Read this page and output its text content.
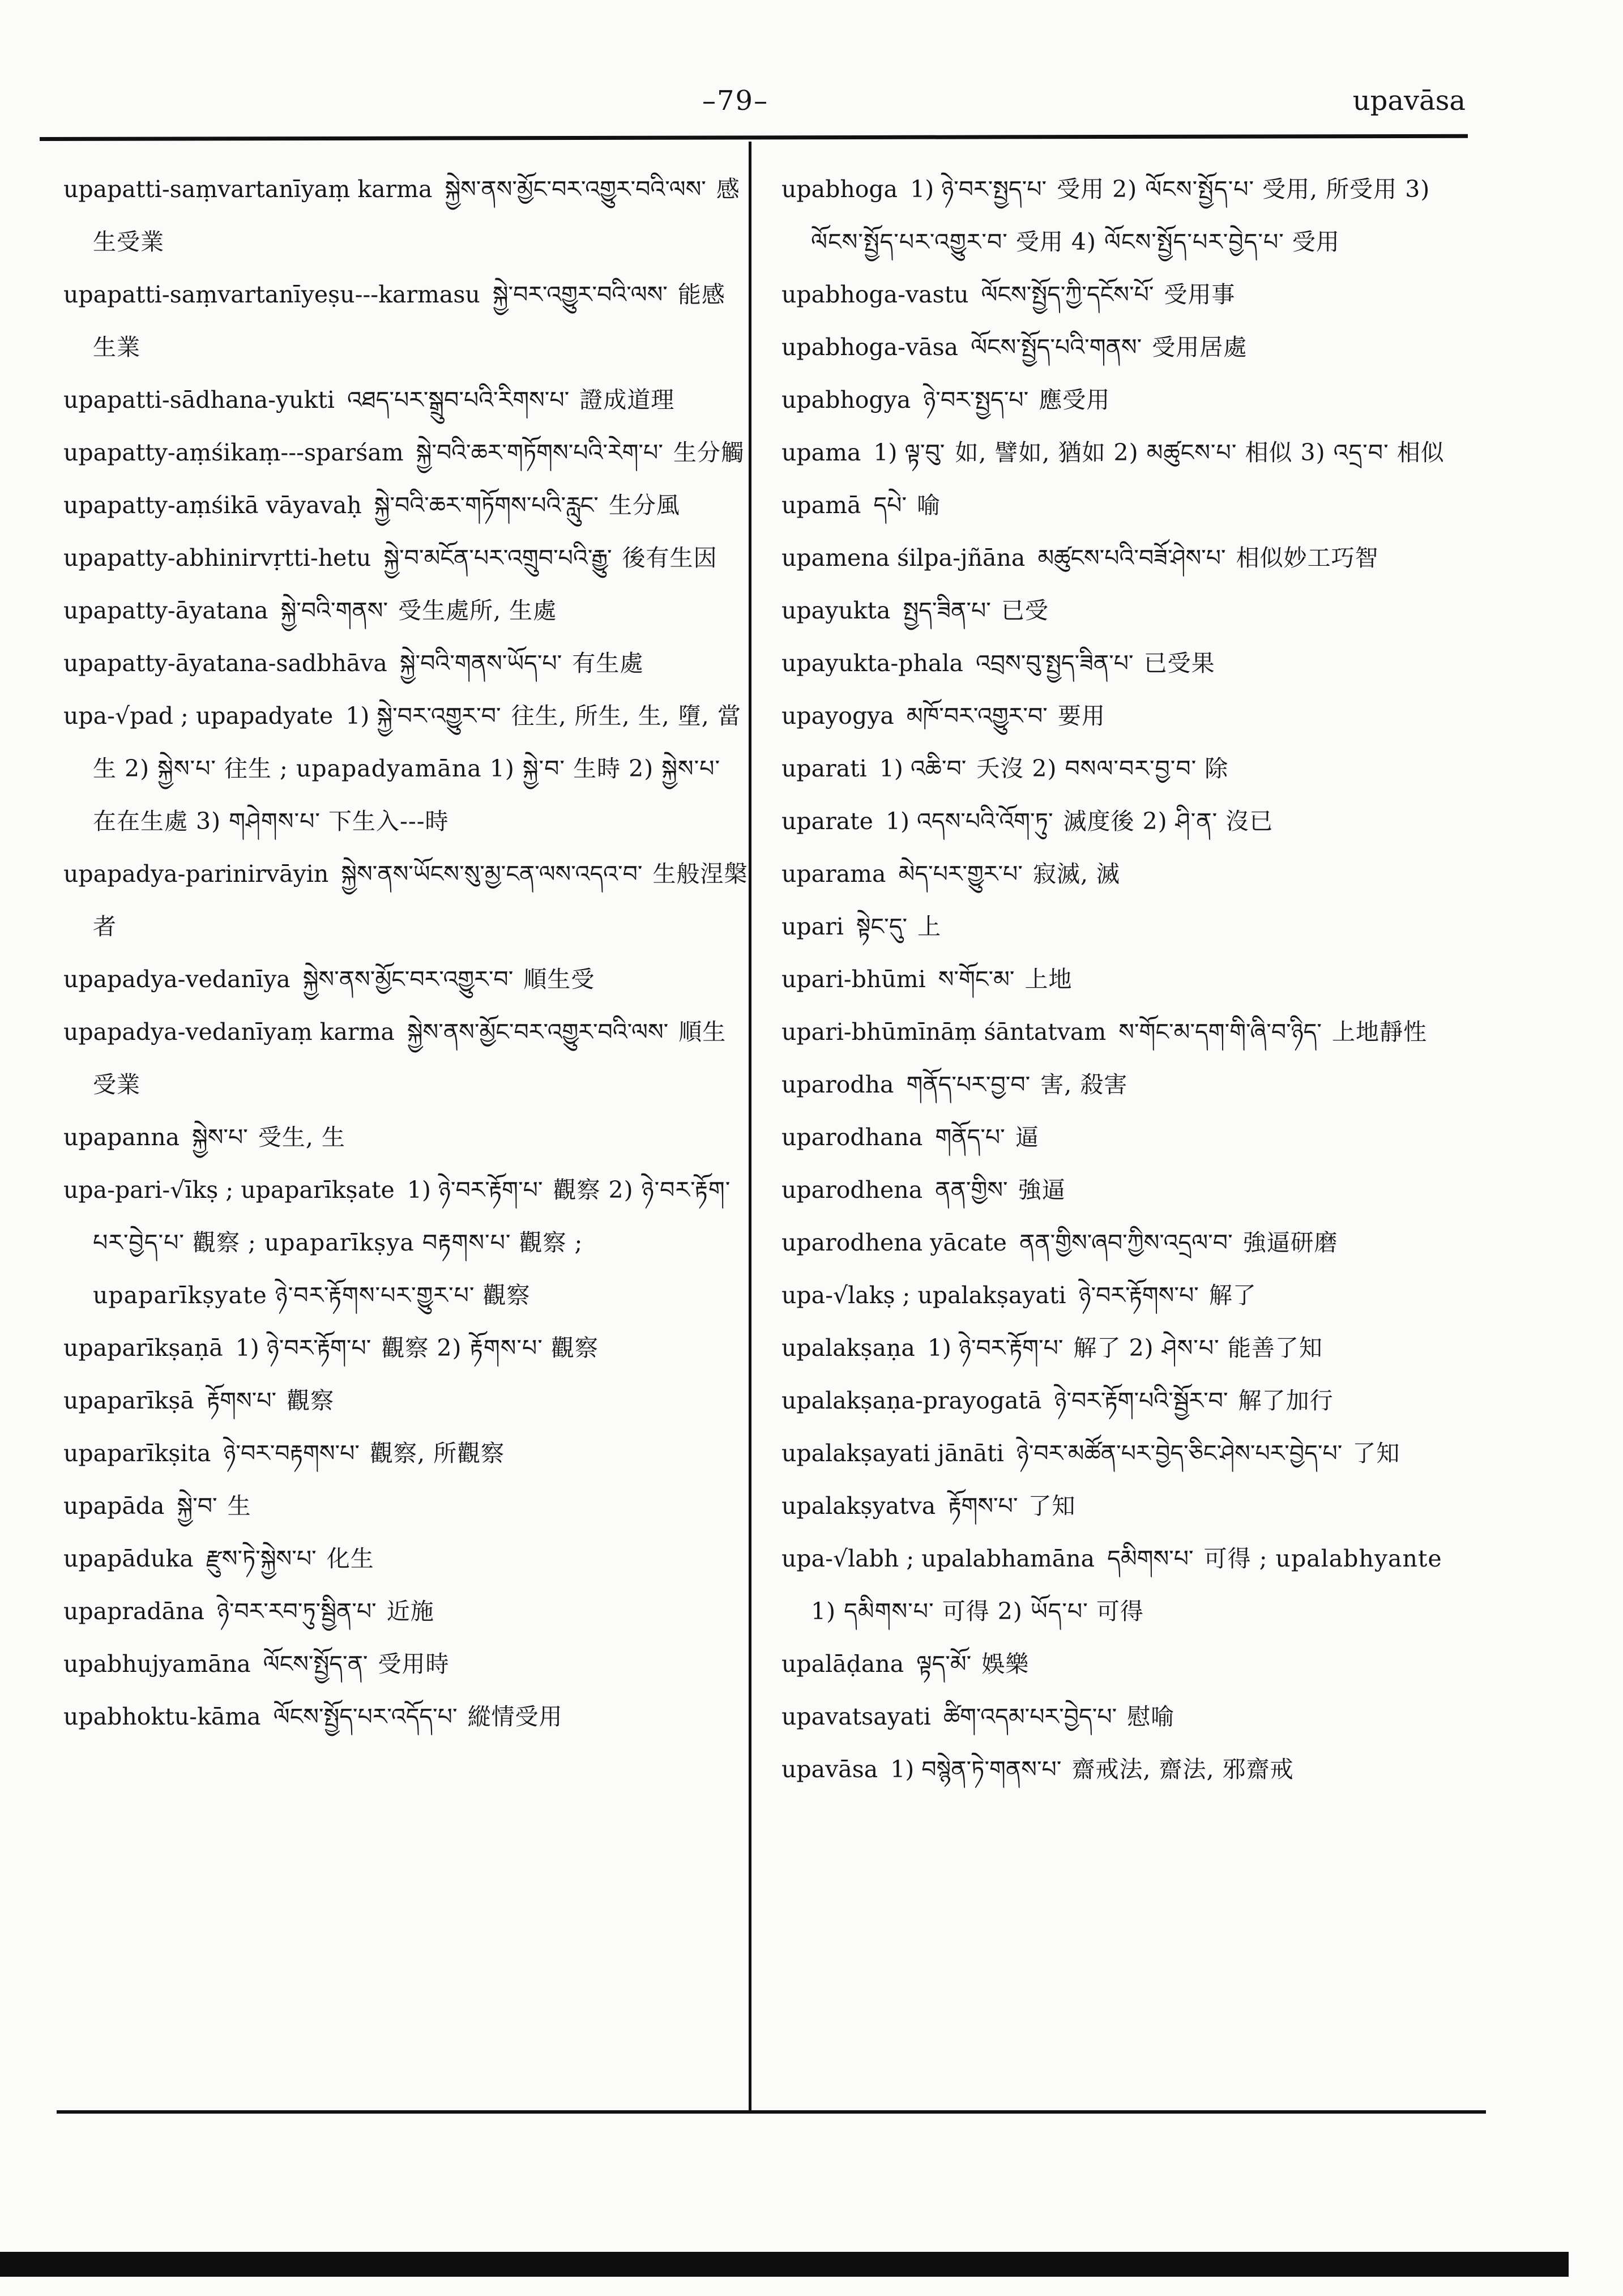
–79–	upavāsa
upapatti-saṃvartanīyaṃ karma སྐྱེས་ནས་མྱོང་བར་འགྱུར་བའི་ལས་ 感生受業
upapatti-saṃvartanīyeṣu---karmasu སྐྱེ་བར་འགྱུར་བའི་ལས་ 能感生業
upapatti-sādhana-yukti འཐད་པར་སྒྲུབ་པའི་རིགས་པ་ 證成道理
upapatty-aṃśikaṃ---sparśam སྐྱེ་བའི་ཆར་གཏོགས་པའི་རེག་པ་ 生分觸
upapatty-aṃśikā vāyavaḥ སྐྱེ་བའི་ཆར་གཏོགས་པའི་རླུང་ 生分風
upapatty-abhinirvṛtti-hetu སྐྱེ་བ་མངོན་པར་འགྲུབ་པའི་རྒྱུ་ 後有生因
upapatty-āyatana སྐྱེ་བའི་གནས་ 受生處所, 生處
upapatty-āyatana-sadbhāva སྐྱེ་བའི་གནས་ཡོད་པ་ 有生處
upa-√pad ; upapadyate 1) སྐྱེ་བར་འགྱུར་བ་ 往生, 所生, 生, 墮, 當生 2) སྐྱེས་པ་ 往生 ; upapadyamāna 1) སྐྱེ་བ་ 生時 2) སྐྱེས་པ་ 在在生處 3) གཤེགས་པ་ 下生入---時
upapadya-parinirvāyin སྐྱེས་ནས་ཡོངས་སུ་མྱ་ངན་ལས་འདའ་བ་ 生般涅槃者
upapadya-vedanīya སྐྱེས་ནས་མྱོང་བར་འགྱུར་བ་ 順生受
upapadya-vedanīyaṃ karma སྐྱེས་ནས་མྱོང་བར་འགྱུར་བའི་ལས་ 順生受業
upapanna སྐྱེས་པ་ 受生, 生
upa-pari-√īkṣ ; upaparīkṣate 1) ཉེ་བར་རྟོག་པ་ 觀察 2) ཉེ་བར་རྟོག་པར་བྱེད་པ་ 觀察 ; upaparīkṣya བརྟགས་པ་ 觀察 ; upaparīkṣyate ཉེ་བར་རྟོགས་པར་གྱུར་པ་ 觀察
upaparīkṣaṇā 1) ཉེ་བར་རྟོག་པ་ 觀察 2) རྟོགས་པ་ 觀察
upaparīkṣā རྟོགས་པ་ 觀察
upaparīkṣita ཉེ་བར་བརྟགས་པ་ 觀察, 所觀察
upapāda སྐྱེ་བ་ 生
upapāduka རྫུས་ཏེ་སྐྱེས་པ་ 化生
upapradāna ཉེ་བར་རབ་ཏུ་སྦྱིན་པ་ 近施
upabhujyamāna ལོངས་སྤྱོད་ན་ 受用時
upabhoktu-kāma ལོངས་སྤྱོད་པར་འདོད་པ་ 縱情受用
upabhoga 1) ཉེ་བར་སྤྱད་པ་ 受用 2) ལོངས་སྤྱོད་པ་ 受用, 所受用 3) ལོངས་སྤྱོད་པར་འགྱུར་བ་ 受用 4) ལོངས་སྤྱོད་པར་བྱེད་པ་ 受用
upabhoga-vastu ལོངས་སྤྱོད་ཀྱི་དངོས་པོ་ 受用事
upabhoga-vāsa ལོངས་སྤྱོད་པའི་གནས་ 受用居處
upabhogya ཉེ་བར་སྤྱད་པ་ 應受用
upama 1) ལྟ་བུ་ 如, 譬如, 猶如 2) མཚུངས་པ་ 相似 3) འདྲ་བ་ 相似
upamā དཔེ་ 喻
upamena śilpa-jñāna མཚུངས་པའི་བཟོ་ཤེས་པ་ 相似妙工巧智
upayukta སྤྱད་ཟིན་པ་ 已受
upayukta-phala འབྲས་བུ་སྤྱད་ཟིན་པ་ 已受果
upayogya མཁོ་བར་འགྱུར་བ་ 要用
uparati 1) འཆི་བ་ 夭沒 2) བསལ་བར་བྱ་བ་ 除
uparate 1) འདས་པའི་འོག་ཏུ་ 滅度後 2) ཤི་ན་ 沒已
uparama མེད་པར་གྱུར་པ་ 寂滅, 滅
upari སྟེང་དུ་ 上
upari-bhūmi ས་གོང་མ་ 上地
upari-bhūmīnāṃ śāntatvam ས་གོང་མ་དག་གི་ཞི་བ་ཉིད་ 上地靜性
uparodha གནོད་པར་བྱ་བ་ 害, 殺害
uparodhana གནོད་པ་ 逼
uparodhena ནན་གྱིས་ 強逼
uparodhena yācate ནན་གྱིས་ཞབ་ཀྱིས་འདྲལ་བ་ 強逼研磨
upa-√lakṣ ; upalakṣayati ཉེ་བར་རྟོགས་པ་ 解了
upalakṣaṇa 1) ཉེ་བར་རྟོག་པ་ 解了 2) ཤེས་པ་ 能善了知
upalakṣaṇa-prayogatā ཉེ་བར་རྟོག་པའི་སྦྱོར་བ་ 解了加行
upalakṣayati jānāti ཉེ་བར་མཚོན་པར་བྱེད་ཅིང་ཤེས་པར་བྱེད་པ་ 了知
upalakṣyatva རྟོགས་པ་ 了知
upa-√labh ; upalabhamāna དམིགས་པ་ 可得 ; upalabhyante 1) དམིགས་པ་ 可得 2) ཡོད་པ་ 可得
upalāḍana ལྟད་མོ་ 娛樂
upavatsayati ཚིག་འདམ་པར་བྱེད་པ་ 慰喻
upavāsa 1) བསྙེན་ཏེ་གནས་པ་ 齋戒法, 齋法, 邪齋戒
